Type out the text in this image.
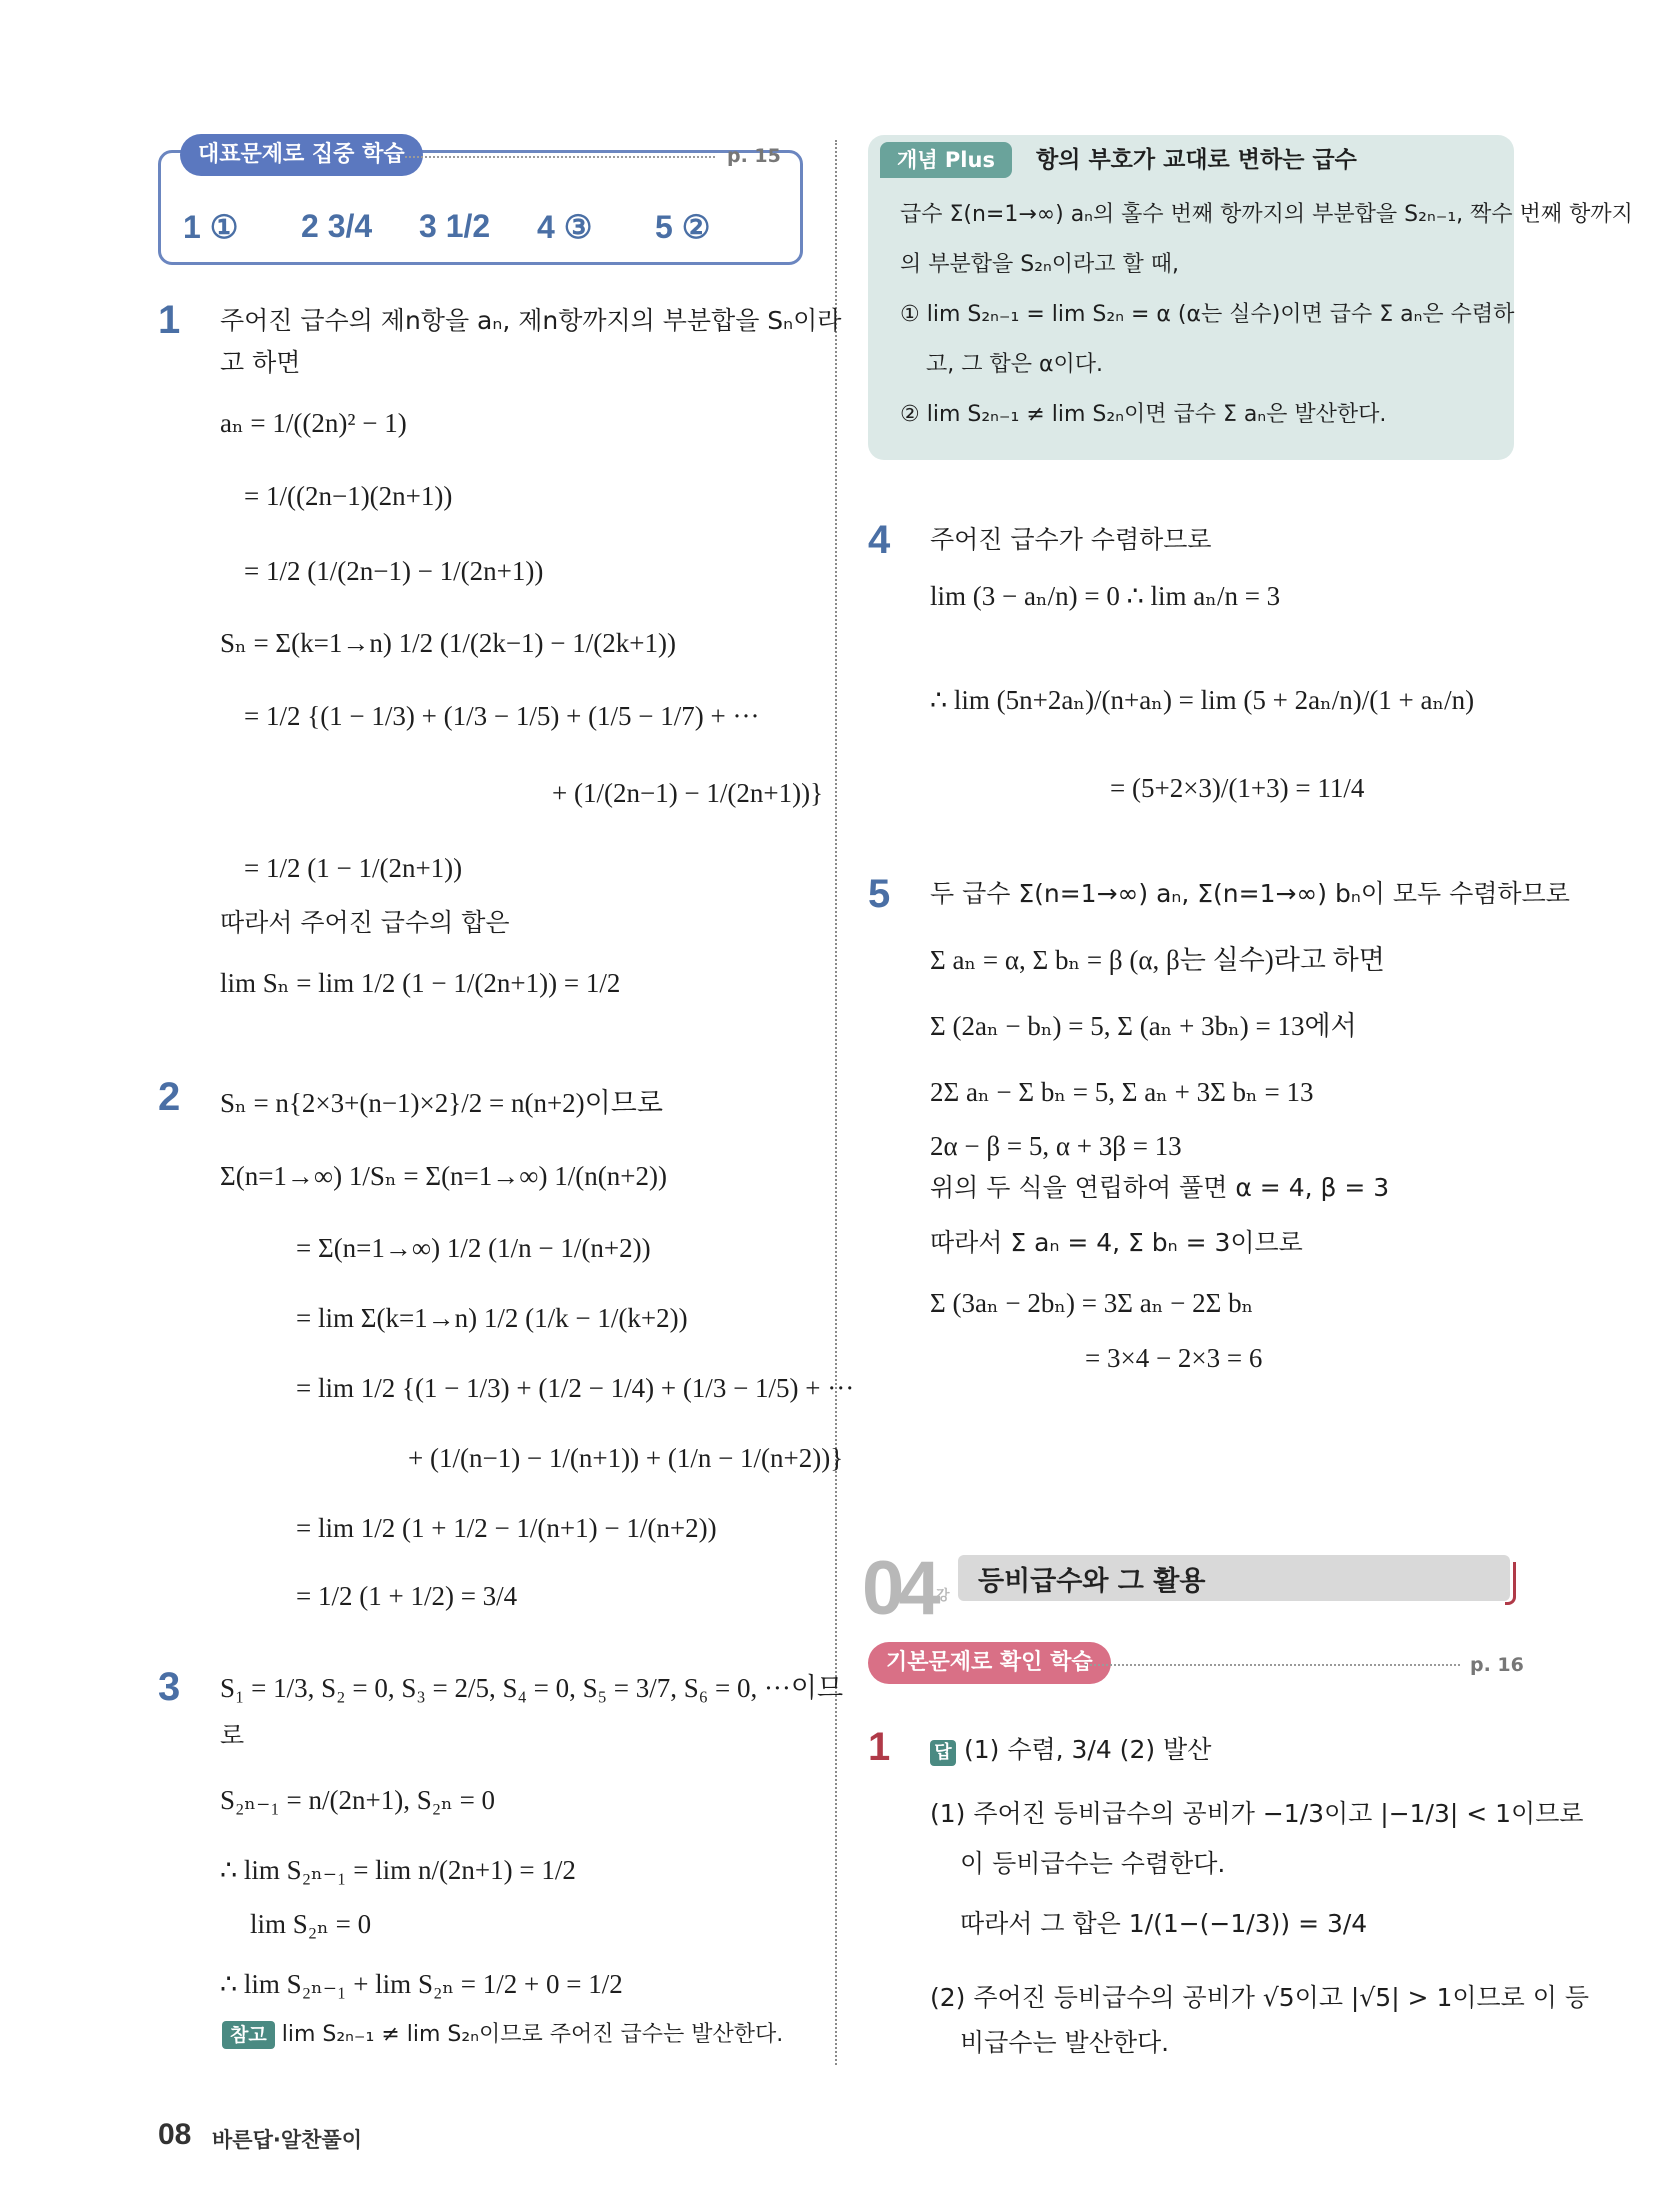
1 ① 2 3/4 3 1/2 4 ③ 5 ②
대표문제로 집중 학습	p. 15
1 주어진 급수의 제n항을 aₙ, 제n항까지의 부분합을 Sₙ이라
고 하면
aₙ = 1/((2n)² − 1)
= 1/((2n−1)(2n+1))
= 1/2 (1/(2n−1) − 1/(2n+1))
Sₙ = Σ(k=1→n) 1/2 (1/(2k−1) − 1/(2k+1))
= 1/2 {(1 − 1/3) + (1/3 − 1/5) + (1/5 − 1/7) + ···
+ (1/(2n−1) − 1/(2n+1))}
= 1/2 (1 − 1/(2n+1))
따라서 주어진 급수의 합은
lim Sₙ = lim 1/2 (1 − 1/(2n+1)) = 1/2
2 Sₙ = n{2×3+(n−1)×2}/2 = n(n+2)이므로
Σ(n=1→∞) 1/Sₙ = Σ(n=1→∞) 1/(n(n+2))
= Σ(n=1→∞) 1/2 (1/n − 1/(n+2))
= lim Σ(k=1→n) 1/2 (1/k − 1/(k+2))
= lim 1/2 {(1 − 1/3) + (1/2 − 1/4) + (1/3 − 1/5) + ···
+ (1/(n−1) − 1/(n+1)) + (1/n − 1/(n+2))}
= lim 1/2 (1 + 1/2 − 1/(n+1) − 1/(n+2))
= 1/2 (1 + 1/2) = 3/4
3 S₁ = 1/3, S₂ = 0, S₃ = 2/5, S₄ = 0, S₅ = 3/7, S₆ = 0, ···이므
로
S₂ₙ₋₁ = n/(2n+1), S₂ₙ = 0
∴ lim S₂ₙ₋₁ = lim n/(2n+1) = 1/2
lim S₂ₙ = 0
∴ lim S₂ₙ₋₁ + lim S₂ₙ = 1/2 + 0 = 1/2
참고 lim S₂ₙ₋₁ ≠ lim S₂ₙ이므로 주어진 급수는 발산한다.
개념 Plus	항의 부호가 교대로 변하는 급수
급수 Σ(n=1→∞) aₙ의 홀수 번째 항까지의 부분합을 S₂ₙ₋₁, 짝수 번째 항까지
의 부분합을 S₂ₙ이라고 할 때,
① lim S₂ₙ₋₁ = lim S₂ₙ = α (α는 실수)이면 급수 Σ aₙ은 수렴하
고, 그 합은 α이다.
② lim S₂ₙ₋₁ ≠ lim S₂ₙ이면 급수 Σ aₙ은 발산한다.
4 주어진 급수가 수렴하므로
lim (3 − aₙ/n) = 0 ∴ lim aₙ/n = 3
∴ lim (5n+2aₙ)/(n+aₙ) = lim (5 + 2aₙ/n)/(1 + aₙ/n)
= (5+2×3)/(1+3) = 11/4
5 두 급수 Σ(n=1→∞) aₙ, Σ(n=1→∞) bₙ이 모두 수렴하므로
Σ aₙ = α, Σ bₙ = β (α, β는 실수)라고 하면
Σ (2aₙ − bₙ) = 5, Σ (aₙ + 3bₙ) = 13에서
2Σ aₙ − Σ bₙ = 5, Σ aₙ + 3Σ bₙ = 13
2α − β = 5, α + 3β = 13
위의 두 식을 연립하여 풀면 α = 4, β = 3
따라서 Σ aₙ = 4, Σ bₙ = 3이므로
Σ (3aₙ − 2bₙ) = 3Σ aₙ − 2Σ bₙ
= 3×4 − 2×3 = 6
04 강 등비급수와 그 활용
기본문제로 확인 학습	p. 16
1 답 (1) 수렴, 3/4 (2) 발산
(1) 주어진 등비급수의 공비가 −1/3이고 |−1/3| < 1이므로
이 등비급수는 수렴한다.
따라서 그 합은 1/(1−(−1/3)) = 3/4
(2) 주어진 등비급수의 공비가 √5이고 |√5| > 1이므로 이 등
비급수는 발산한다.
08 바른답·알찬풀이
